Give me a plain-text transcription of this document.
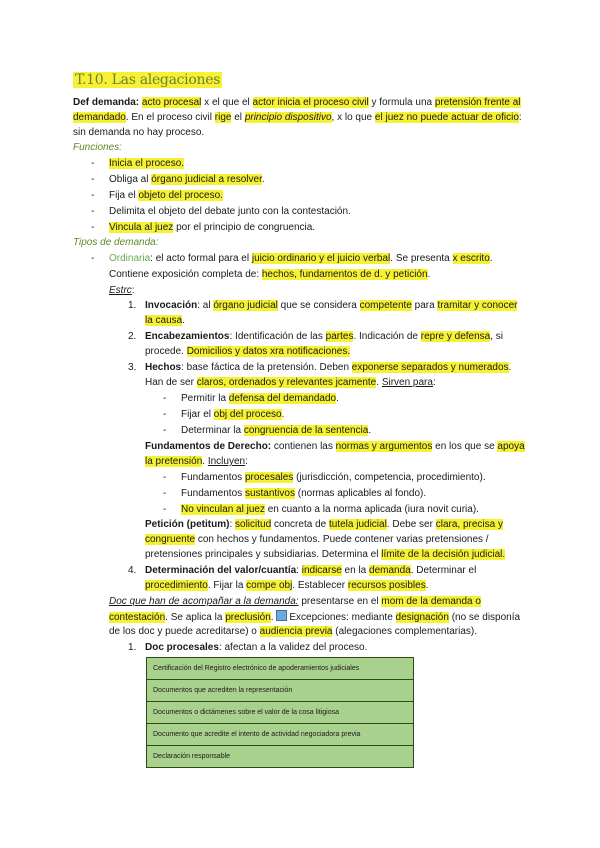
T.10. Las alegaciones
Def demanda: acto procesal x el que el actor inicia el proceso civil y formula una pretensión frente al
demandado. En el proceso civil rige el principio dispositivo, x lo que el juez no puede actuar de oficio:
sin demanda no hay proceso.
Funciones:
- Inicia el proceso.
- Obliga al órgano judicial a resolver.
- Fija el objeto del proceso.
- Delimita el objeto del debate junto con la contestación.
- Vincula al juez por el principio de congruencia.
Tipos de demanda:
- Ordinaria: el acto formal para el juicio ordinario y el juicio verbal. Se presenta x escrito.
Contiene exposición completa de: hechos, fundamentos de d. y petición.
Estrc:
1. Invocación: al órgano judicial que se considera competente para tramitar y conocer
la causa.
2. Encabezamientos: Identificación de las partes. Indicación de repre y defensa, si
procede. Domicilios y datos xra notificaciones.
3. Hechos: base fáctica de la pretensión. Deben exponerse separados y numerados.
Han de ser claros, ordenados y relevantes jcamente. Sirven para:
- Permitir la defensa del demandado.
- Fijar el obj del proceso.
- Determinar la congruencia de la sentencia.
Fundamentos de Derecho: contienen las normas y argumentos en los que se apoya
la pretensión. Incluyen:
- Fundamentos procesales (jurisdicción, competencia, procedimiento).
- Fundamentos sustantivos (normas aplicables al fondo).
- No vinculan al juez en cuanto a la norma aplicada (iura novit curia).
Petición (petitum): solicitud concreta de tutela judicial. Debe ser clara, precisa y
congruente con hechos y fundamentos. Puede contener varias pretensiones /
pretensiones principales y subsidiarias. Determina el límite de la decisión judicial.
4. Determinación del valor/cuantía: indicarse en la demanda. Determinar el
procedimiento. Fijar la compe obj. Establecer recursos posibles.
Doc que han de acompañar a la demanda: presentarse en el mom de la demanda o
contestación. Se aplica la preclusión. Excepciones: mediante designación (no se disponía
de los doc y puede acreditarse) o audiencia previa (alegaciones complementarias).
1. Doc procesales: afectan a la validez del proceso.
Certificación del Registro electrónico de apoderamientos judiciales
Documentos que acrediten la representación
Documentos o dictámenes sobre el valor de la cosa litigiosa
Documento que acredite el intento de actividad negociadora previa
Declaración responsable
